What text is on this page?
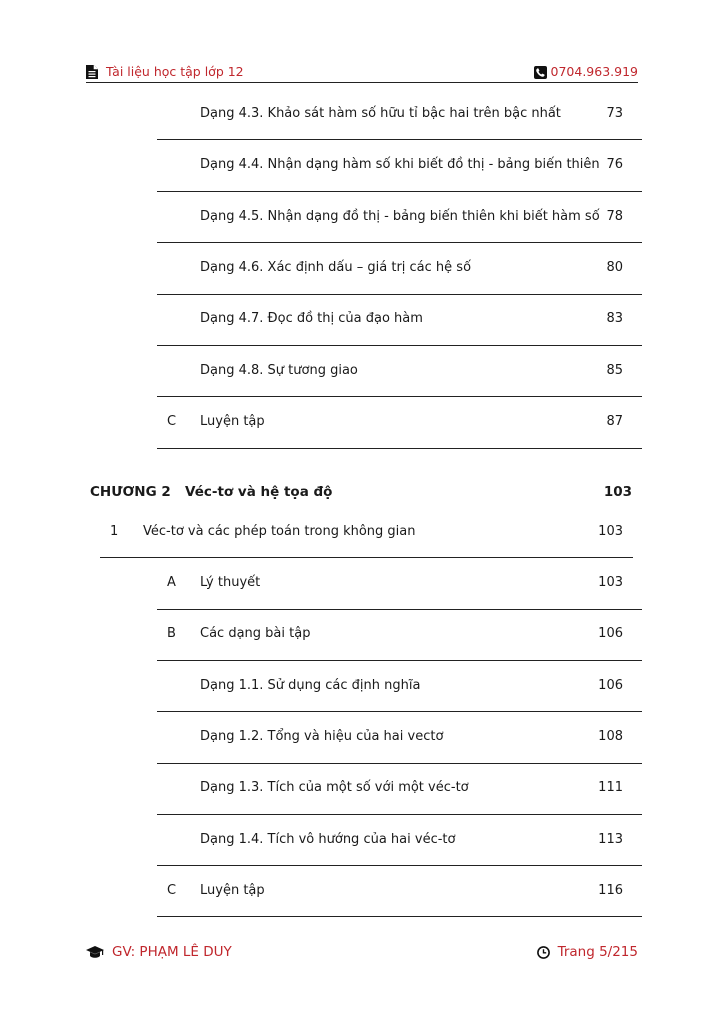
Tài liệu học tập lớp 12	0704.963.919
Dạng 4.3. Khảo sát hàm số hữu tỉ bậc hai trên bậc nhất	73
Dạng 4.4. Nhận dạng hàm số khi biết đồ thị - bảng biến thiên 76
Dạng 4.5. Nhận dạng đồ thị - bảng biến thiên khi biết hàm số 78
Dạng 4.6. Xác định dấu – giá trị các hệ số	80
Dạng 4.7. Đọc đồ thị của đạo hàm	83
Dạng 4.8. Sự tương giao	85
C Luyện tập	87
CHƯƠNG 2 Véc-tơ và hệ tọa độ	103
1 Véc-tơ và các phép toán trong không gian	103
A Lý thuyết	103
B Các dạng bài tập	106
Dạng 1.1. Sử dụng các định nghĩa	106
Dạng 1.2. Tổng và hiệu của hai vectơ	108
Dạng 1.3. Tích của một số với một véc-tơ	111
Dạng 1.4. Tích vô hướng của hai véc-tơ	113
C Luyện tập	116
GV: PHẠM LÊ DUY	Trang 5/215
